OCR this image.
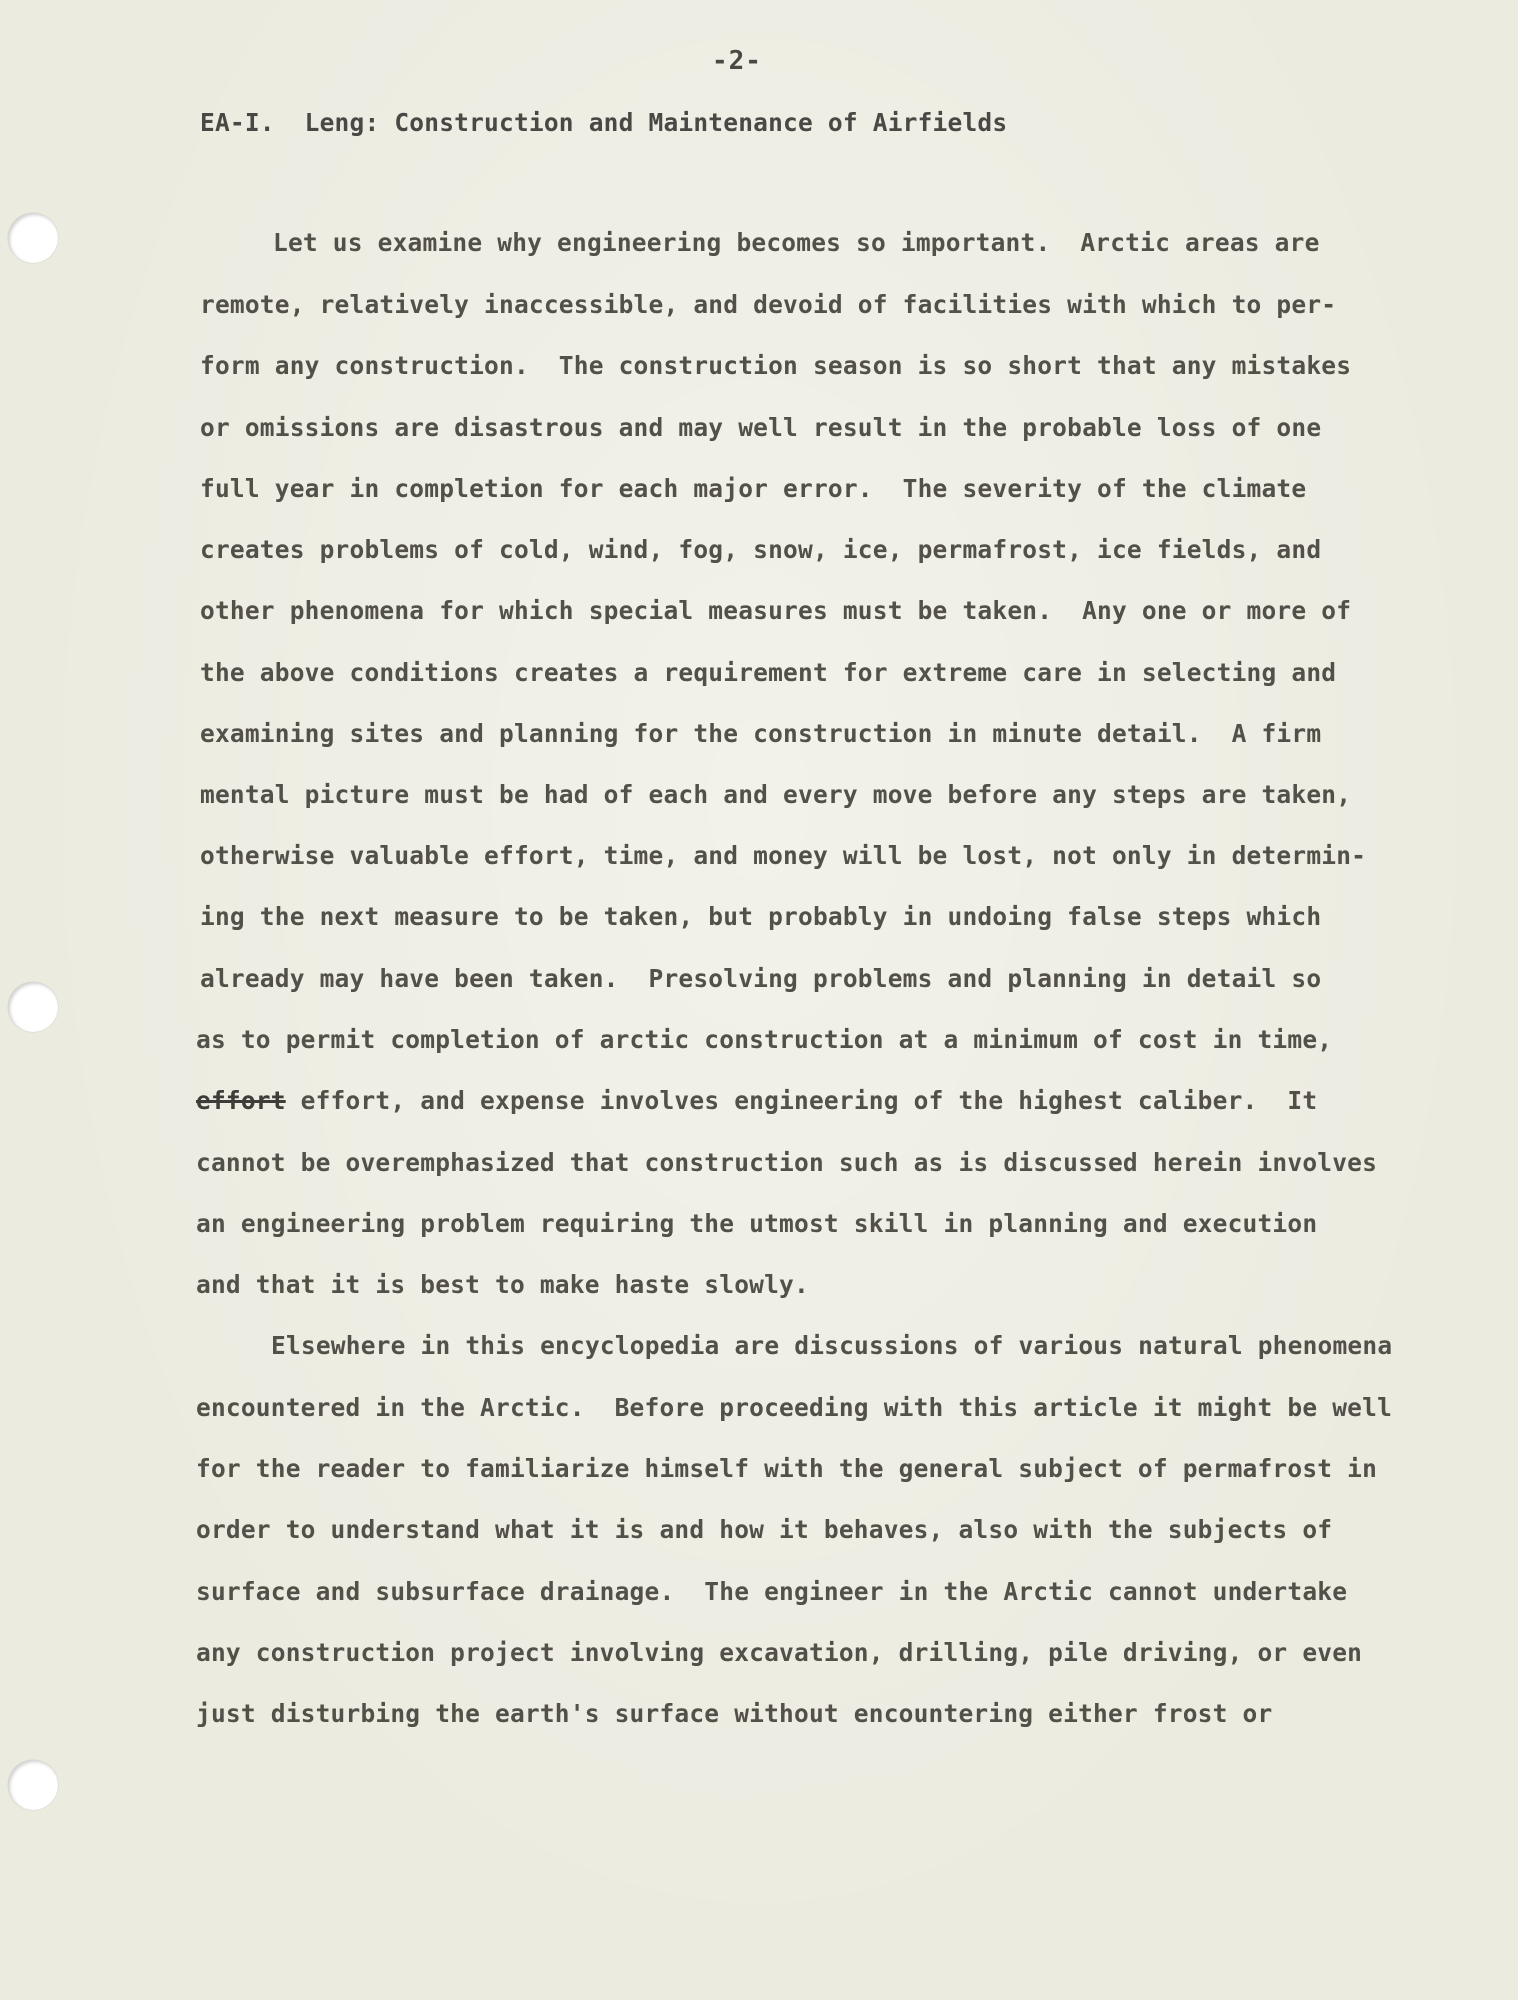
-2-
EA-I.  Leng: Construction and Maintenance of Airfields
Let us examine why engineering becomes so important.  Arctic areas are
remote, relatively inaccessible, and devoid of facilities with which to per-
form any construction.  The construction season is so short that any mistakes
or omissions are disastrous and may well result in the probable loss of one
full year in completion for each major error.  The severity of the climate
creates problems of cold, wind, fog, snow, ice, permafrost, ice fields, and
other phenomena for which special measures must be taken.  Any one or more of
the above conditions creates a requirement for extreme care in selecting and
examining sites and planning for the construction in minute detail.  A firm
mental picture must be had of each and every move before any steps are taken,
otherwise valuable effort, time, and money will be lost, not only in determin-
ing the next measure to be taken, but probably in undoing false steps which
already may have been taken.  Presolving problems and planning in detail so
as to permit completion of arctic construction at a minimum of cost in time,
effort effort, and expense involves engineering of the highest caliber.  It
cannot be overemphasized that construction such as is discussed herein involves
an engineering problem requiring the utmost skill in planning and execution
and that it is best to make haste slowly.
Elsewhere in this encyclopedia are discussions of various natural phenomena
encountered in the Arctic.  Before proceeding with this article it might be well
for the reader to familiarize himself with the general subject of permafrost in
order to understand what it is and how it behaves, also with the subjects of
surface and subsurface drainage.  The engineer in the Arctic cannot undertake
any construction project involving excavation, drilling, pile driving, or even
just disturbing the earth's surface without encountering either frost or
